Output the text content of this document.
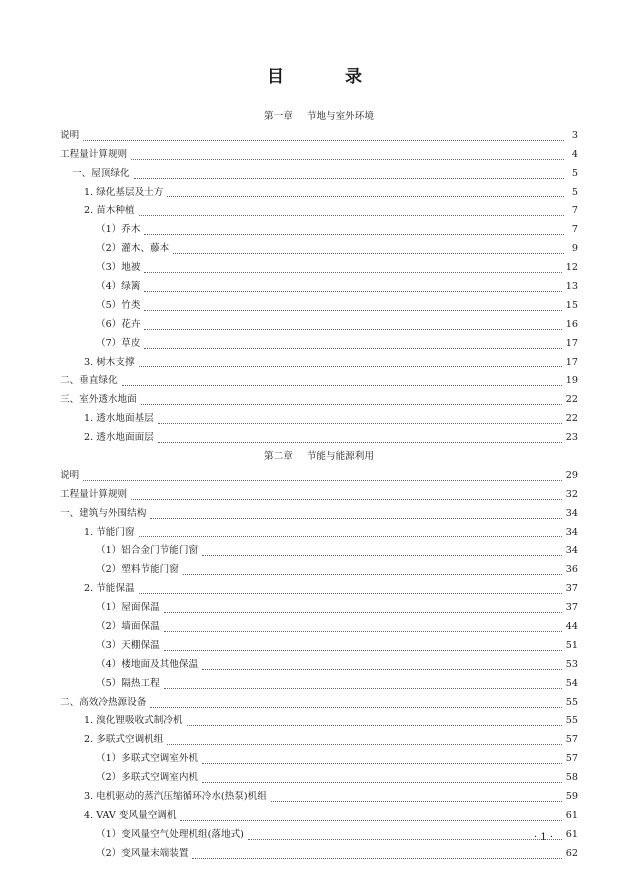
目　录
第一章 节地与室外环境
说明	3
工程量计算规则	4
一、屋顶绿化	5
1. 绿化基层及土方	5
2. 苗木种植	7
（1）乔木	7
（2）灌木、藤本	9
（3）地被	12
（4）绿篱	13
（5）竹类	15
（6）花卉	16
（7）草皮	17
3. 树木支撑	17
二、垂直绿化	19
三、室外透水地面	22
1. 透水地面基层	22
2. 透水地面面层	23
第二章 节能与能源利用
说明	29
工程量计算规则	32
一、建筑与外围结构	34
1. 节能门窗	34
（1）铝合金门节能门窗	34
（2）塑料节能门窗	36
2. 节能保温	37
（1）屋面保温	37
（2）墙面保温	44
（3）天棚保温	51
（4）楼地面及其他保温	53
（5）隔热工程	54
二、高效冷热源设备	55
1. 溴化锂吸收式制冷机	55
2. 多联式空调机组	57
（1）多联式空调室外机	57
（2）多联式空调室内机	58
3. 电机驱动的蒸汽压缩循环冷水(热泵)机组	59
4. VAV 变风量空调机	61
（1）变风量空气处理机组(落地式)	61
（2）变风量末端装置	62
· 1 ·
